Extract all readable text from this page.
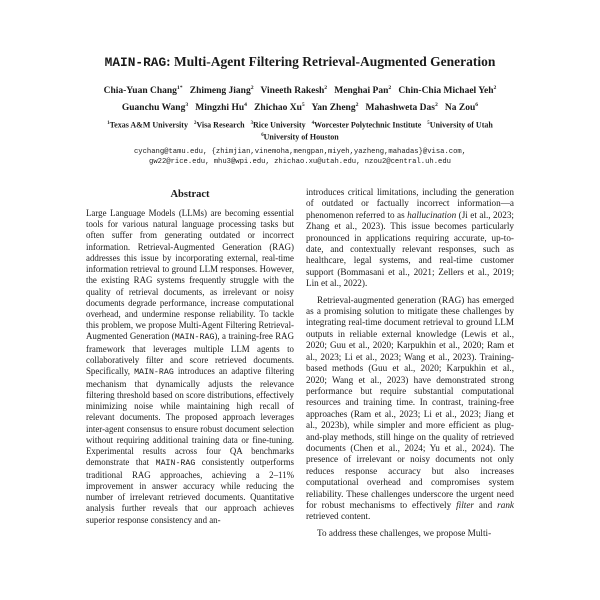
MAIN-RAG: Multi-Agent Filtering Retrieval-Augmented Generation
Chia-Yuan Chang$^{1*}$   Zhimeng Jiang$^2$   Vineeth Rakesh$^2$   Menghai Pan$^2$   Chin-Chia Michael Yeh$^2$
Guanchu Wang$^3$   Mingzhi Hu$^4$   Zhichao Xu$^5$   Yan Zheng$^2$   Mahashweta Das$^2$   Na Zou$^6$
$^1$Texas A&M University   $^2$Visa Research   $^3$Rice University   $^4$Worcester Polytechnic Institute   $^5$University of Utah
$^6$University of Houston
cychang@tamu.edu, {zhimjian,vinemoha,mengpan,miyeh,yazheng,mahadas}@visa.com,
gw22@rice.edu, mhu3@wpi.edu, zhichao.xu@utah.edu, nzou2@central.uh.edu
Abstract

Large Language Models (LLMs) are becoming essential tools for various natural language processing tasks but often suffer from generating outdated or incorrect information. Retrieval-Augmented Generation (RAG) addresses this issue by incorporating external, real-time information retrieval to ground LLM responses. However, the existing RAG systems frequently struggle with the quality of retrieval documents, as irrelevant or noisy documents degrade performance, increase computational overhead, and undermine response reliability. To tackle this problem, we propose Multi-Agent Filtering Retrieval-Augmented Generation (MAIN-RAG), a training-free RAG framework that leverages multiple LLM agents to collaboratively filter and score retrieved documents. Specifically, MAIN-RAG introduces an adaptive filtering mechanism that dynamically adjusts the relevance filtering threshold based on score distributions, effectively minimizing noise while maintaining high recall of relevant documents. The proposed approach leverages inter-agent consensus to ensure robust document selection without requiring additional training data or fine-tuning. Experimental results across four QA benchmarks demonstrate that MAIN-RAG consistently outperforms traditional RAG approaches, achieving a 2–11% improvement in answer accuracy while reducing the number of irrelevant retrieved documents. Quantitative analysis further reveals that our approach achieves superior response consistency and an-

introduces critical limitations, including the generation of outdated or factually incorrect information—a phenomenon referred to as hallucination (Ji et al., 2023; Zhang et al., 2023). This issue becomes particularly pronounced in applications requiring accurate, up-to-date, and contextually relevant responses, such as healthcare, legal systems, and real-time customer support (Bommasani et al., 2021; Zellers et al., 2019; Lin et al., 2022).

Retrieval-augmented generation (RAG) has emerged as a promising solution to mitigate these challenges by integrating real-time document retrieval to ground LLM outputs in reliable external knowledge (Lewis et al., 2020; Guu et al., 2020; Karpukhin et al., 2020; Ram et al., 2023; Li et al., 2023; Wang et al., 2023). Training-based methods (Guu et al., 2020; Karpukhin et al., 2020; Wang et al., 2023) have demonstrated strong performance but require substantial computational resources and training time. In contrast, training-free approaches (Ram et al., 2023; Li et al., 2023; Jiang et al., 2023b), while simpler and more efficient as plug-and-play methods, still hinge on the quality of retrieved documents (Chen et al., 2024; Yu et al., 2024). The presence of irrelevant or noisy documents not only reduces response accuracy but also increases computational overhead and compromises system reliability. These challenges underscore the urgent need for robust mechanisms to effectively filter and rank retrieved content.

To address these challenges, we propose Multi-
